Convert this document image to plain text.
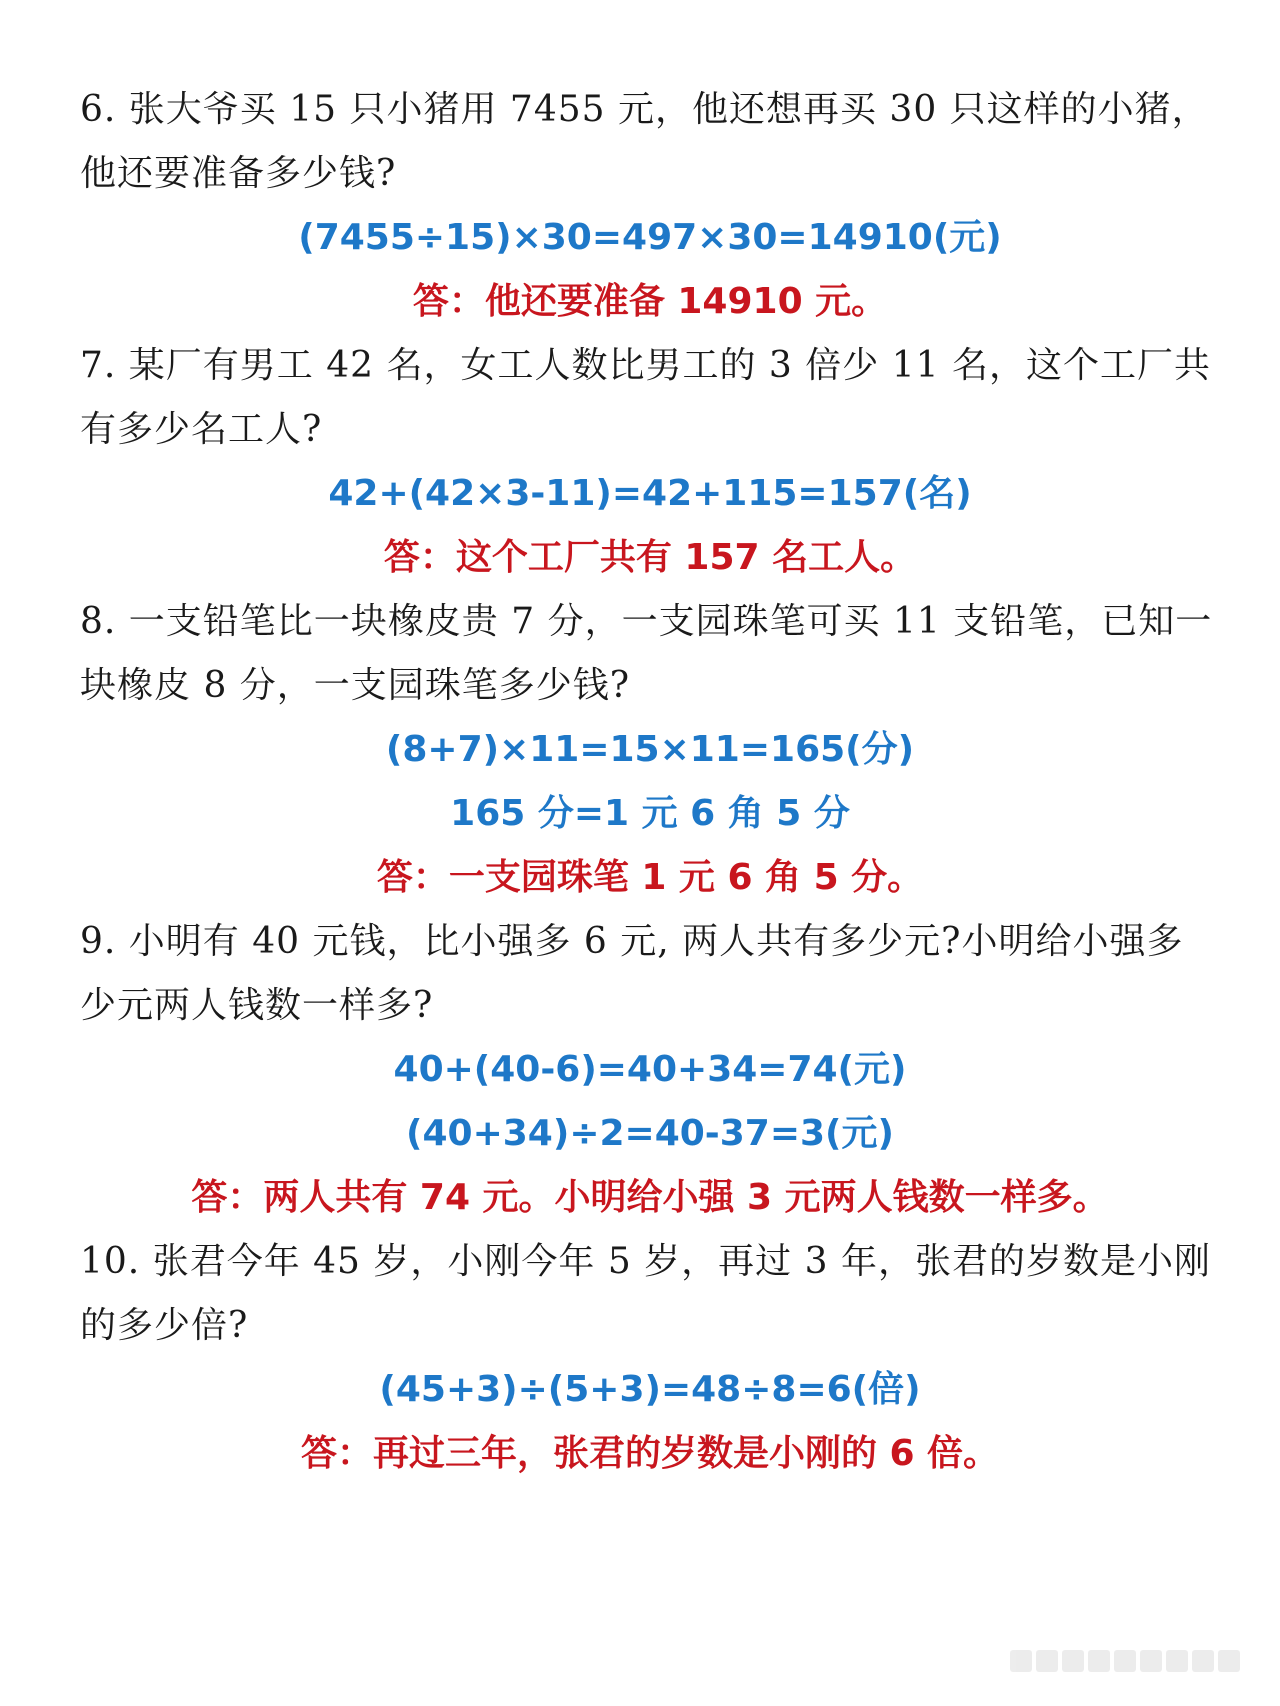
6. 张大爷买 15 只小猪用 7455 元，他还想再买 30 只这样的小猪，他还要准备多少钱?

(7455÷15)×30=497×30=14910(元)

答：他还要准备 14910 元。

7. 某厂有男工 42 名，女工人数比男工的 3 倍少 11 名，这个工厂共有多少名工人?

42+(42×3-11)=42+115=157(名)

答：这个工厂共有 157 名工人。

8. 一支铅笔比一块橡皮贵 7 分，一支园珠笔可买 11 支铅笔，已知一块橡皮 8 分，一支园珠笔多少钱?

(8+7)×11=15×11=165(分)

165 分=1 元 6 角 5 分

答：一支园珠笔 1 元 6 角 5 分。

9. 小明有 40 元钱，比小强多 6 元, 两人共有多少元?小明给小强多少元两人钱数一样多?

40+(40-6)=40+34=74(元)

(40+34)÷2=40-37=3(元)

答：两人共有 74 元。小明给小强 3 元两人钱数一样多。

10. 张君今年 45 岁，小刚今年 5 岁，再过 3 年，张君的岁数是小刚的多少倍?

(45+3)÷(5+3)=48÷8=6(倍)

答：再过三年，张君的岁数是小刚的 6 倍。
